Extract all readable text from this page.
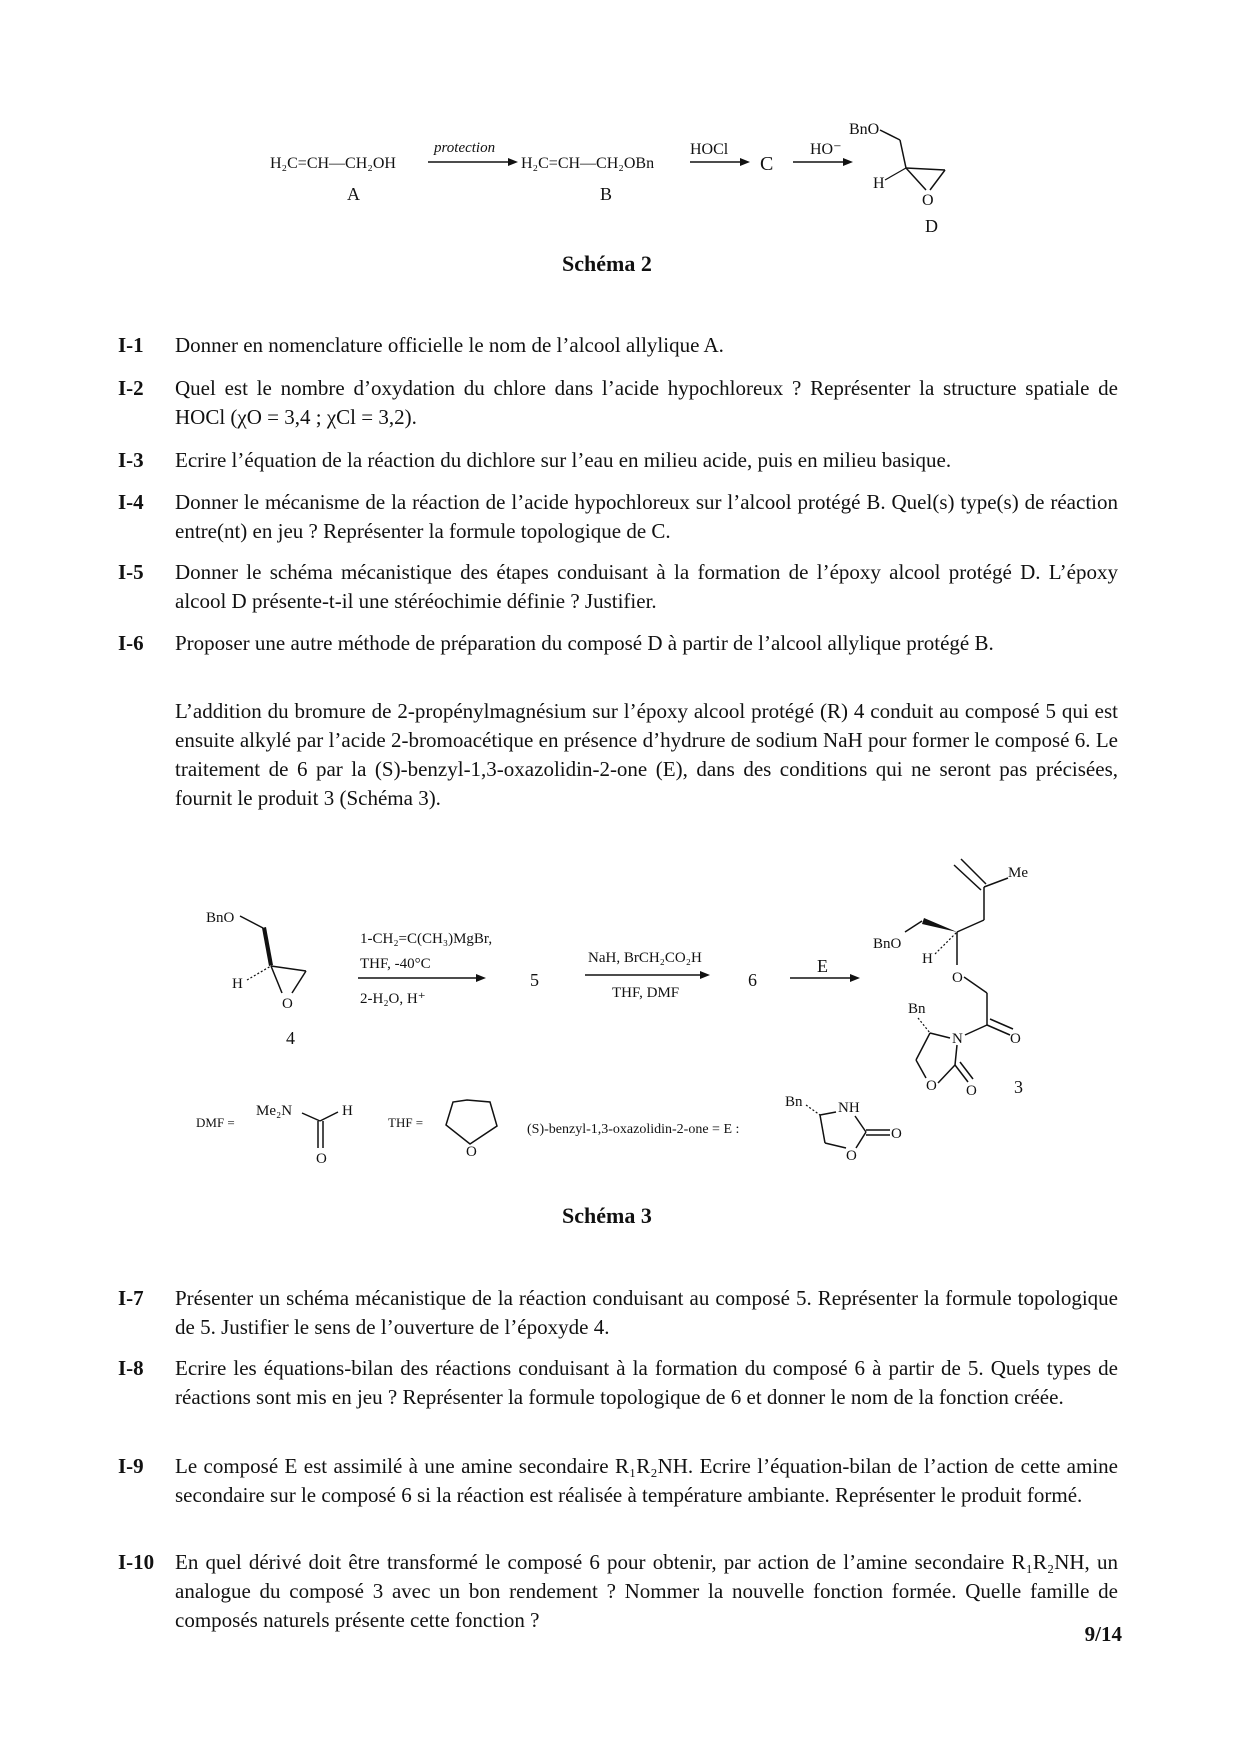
H₂C=CH—CH₂OH
A
protection
H₂C=CH—CH₂OBn
B
HOCl
C
HO⁻
BnO
H
O
D
Schéma 2
I-1 Donner en nomenclature officielle le nom de l’alcool allylique A.
I-2 Quel est le nombre d’oxydation du chlore dans l’acide hypochloreux ? Représenter la structure spatiale de HOCl (χO = 3,4 ; χCl = 3,2).
I-3 Ecrire l’équation de la réaction du dichlore sur l’eau en milieu acide, puis en milieu basique.
I-4 Donner le mécanisme de la réaction de l’acide hypochloreux sur l’alcool protégé B. Quel(s) type(s) de réaction entre(nt) en jeu ? Représenter la formule topologique de C.
I-5 Donner le schéma mécanistique des étapes conduisant à la formation de l’époxy alcool protégé D. L’époxy alcool D présente-t-il une stéréochimie définie ? Justifier.
I-6 Proposer une autre méthode de préparation du composé D à partir de l’alcool allylique protégé B.
L’addition du bromure de 2-propénylmagnésium sur l’époxy alcool protégé (R) 4 conduit au composé 5 qui est ensuite alkylé par l’acide 2-bromoacétique en présence d’hydrure de sodium NaH pour former le composé 6. Le traitement de 6 par la (S)-benzyl-1,3-oxazolidin-2-one (E), dans des conditions qui ne seront pas précisées, fournit le produit 3 (Schéma 3).
BnO
H
O
4
1-CH₂=C(CH₃)MgBr,
THF, -40°C
2-H₂O, H⁺
5
NaH, BrCH₂CO₂H
THF, DMF
6
E
Me
BnO
H
O
O
N
Bn
O O 3
DMF =
Me₂N	H
O
THF =
O
(S)-benzyl-1,3-oxazolidin-2-one = E :
Bn NH
O
O
Schéma 3
I-7 Présenter un schéma mécanistique de la réaction conduisant au composé 5. Représenter la formule topologique de 5. Justifier le sens de l’ouverture de l’époxyde 4.
I-8 Ecrire les équations-bilan des réactions conduisant à la formation du composé 6 à partir de 5. Quels types de réactions sont mis en jeu ? Représenter la formule topologique de 6 et donner le nom de la fonction créée.
I-9 Le composé E est assimilé à une amine secondaire R₁R₂NH. Ecrire l’équation-bilan de l’action de cette amine secondaire sur le composé 6 si la réaction est réalisée à température ambiante. Représenter le produit formé.
I-10 En quel dérivé doit être transformé le composé 6 pour obtenir, par action de l’amine secondaire R₁R₂NH, un analogue du composé 3 avec un bon rendement ? Nommer la nouvelle fonction formée. Quelle famille de composés naturels présente cette fonction ?
9/14
